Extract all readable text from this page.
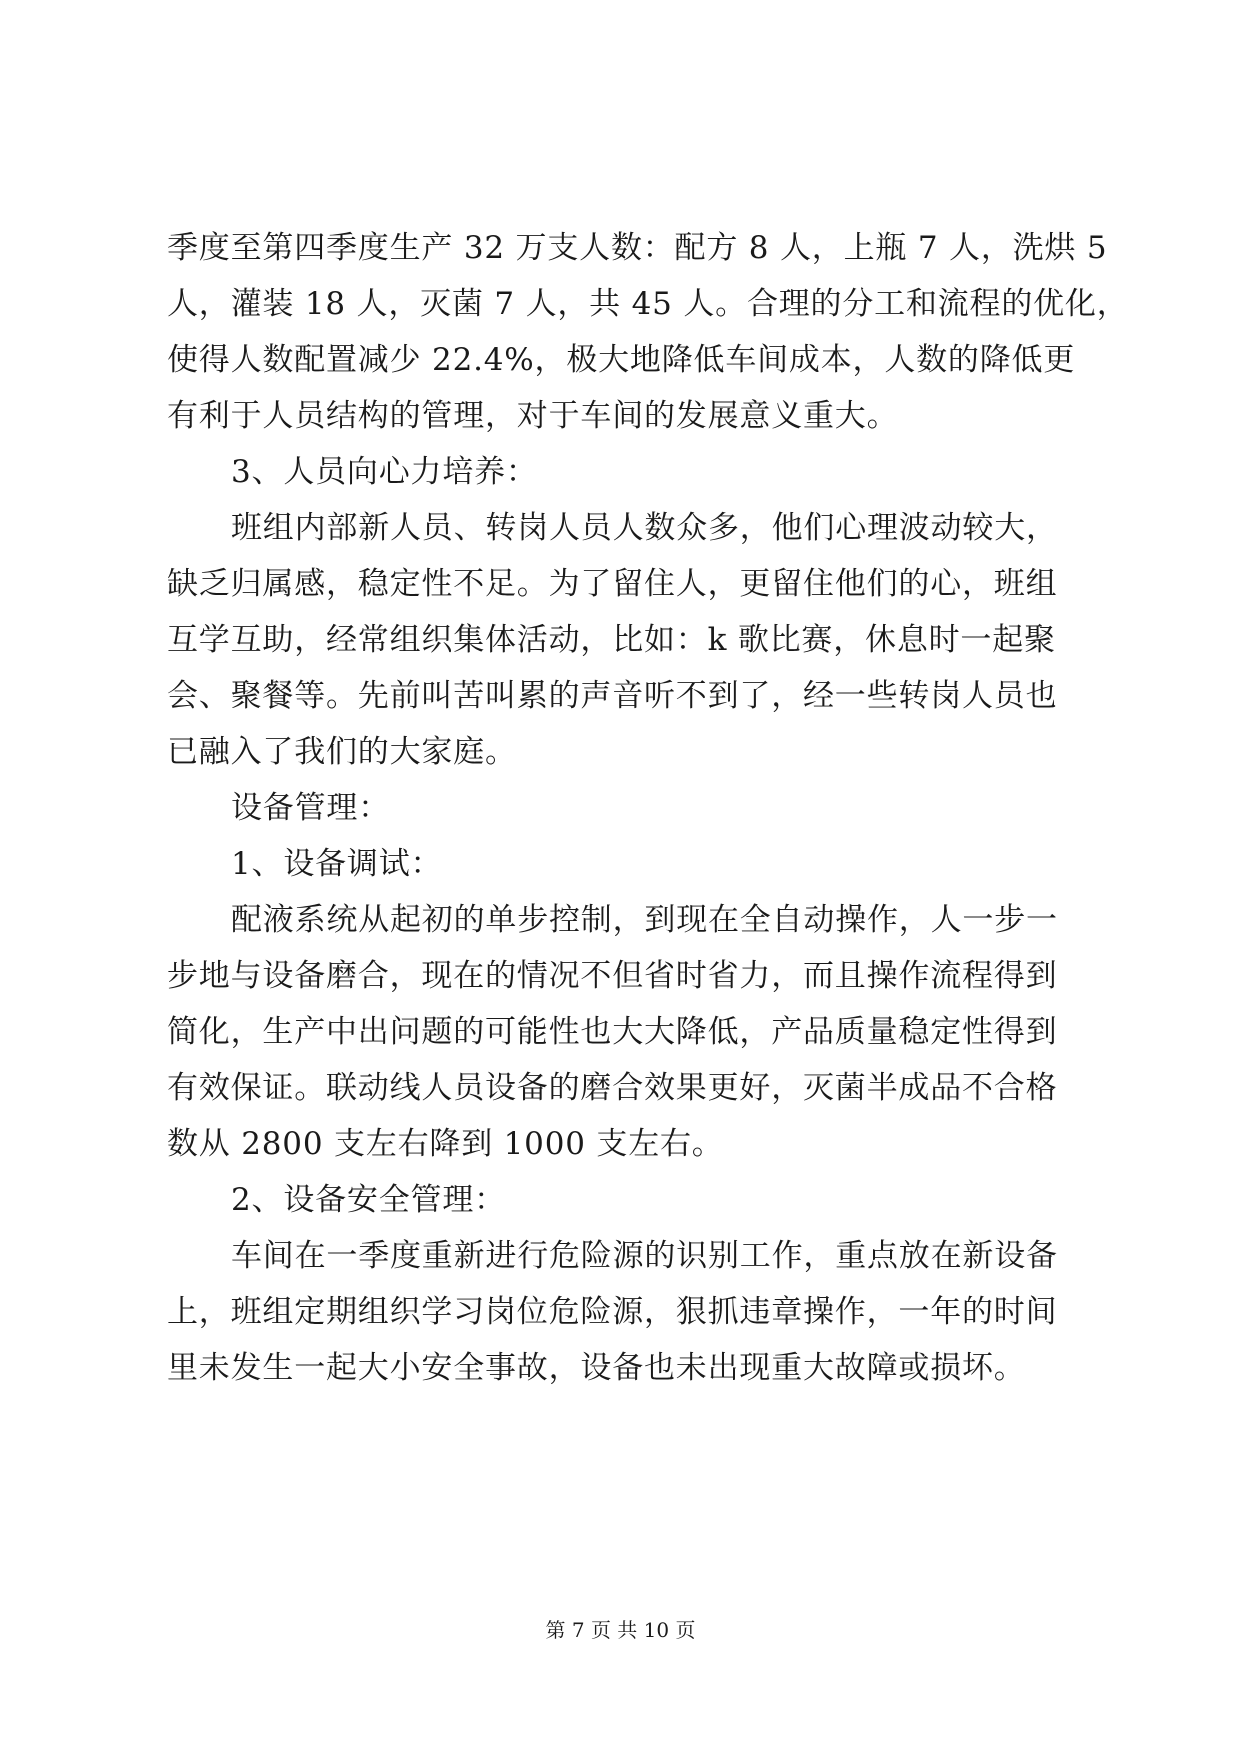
季度至第四季度生产 32 万支人数：配方 8 人，上瓶 7 人，洗烘 5
人，灌装 18 人，灭菌 7 人，共 45 人。合理的分工和流程的优化，
使得人数配置减少 22.4%，极大地降低车间成本，人数的降低更
有利于人员结构的管理，对于车间的发展意义重大。
3、人员向心力培养：
班组内部新人员、转岗人员人数众多，他们心理波动较大，
缺乏归属感，稳定性不足。为了留住人，更留住他们的心，班组
互学互助，经常组织集体活动，比如：k 歌比赛，休息时一起聚
会、聚餐等。先前叫苦叫累的声音听不到了，经一些转岗人员也
已融入了我们的大家庭。
设备管理：
1、设备调试：
配液系统从起初的单步控制，到现在全自动操作，人一步一
步地与设备磨合，现在的情况不但省时省力，而且操作流程得到
简化，生产中出问题的可能性也大大降低，产品质量稳定性得到
有效保证。联动线人员设备的磨合效果更好，灭菌半成品不合格
数从 2800 支左右降到 1000 支左右。
2、设备安全管理：
车间在一季度重新进行危险源的识别工作，重点放在新设备
上，班组定期组织学习岗位危险源，狠抓违章操作，一年的时间
里未发生一起大小安全事故，设备也未出现重大故障或损坏。
第 7 页 共 10 页
